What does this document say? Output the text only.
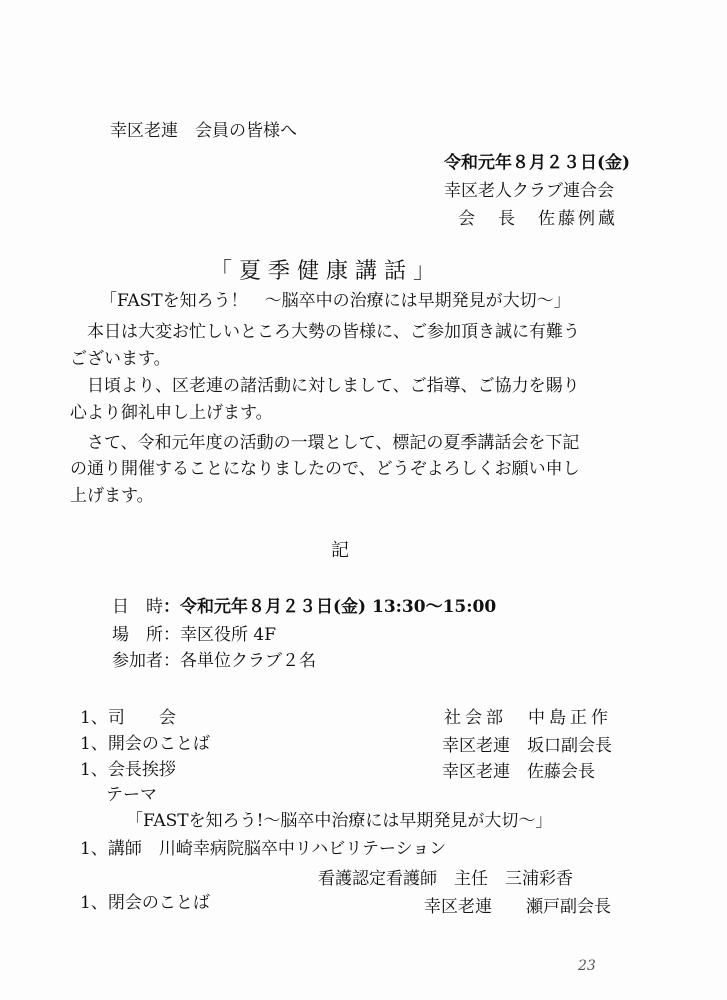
幸区老連　会員の皆様へ
令和元年８月２３日(金)
幸区老人クラブ連合会
会　長　佐藤例蔵
「夏季健康講話」
「FASTを知ろう！　～脳卒中の治療には早期発見が大切～」
　本日は大変お忙しいところ大勢の皆様に、ご参加頂き誠に有難う
ございます。
　日頃より、区老連の諸活動に対しまして、ご指導、ご協力を賜り
心より御礼申し上げます。
　さて、令和元年度の活動の一環として、標記の夏季講話会を下記
の通り開催することになりましたので、どうぞよろしくお願い申し
上げます。
記
日　時：令和元年８月２３日(金) 13:30～15:00
場　所：幸区役所 4F
参加者：各単位クラブ２名
1、司　　会	社会部　中島正作
1、開会のことば	幸区老連　坂口副会長
1、会長挨拶	幸区老連　佐藤会長
テーマ
「FASTを知ろう!～脳卒中治療には早期発見が大切～」
1、講師　川崎幸病院脳卒中リハビリテーション
看護認定看護師　主任　三浦彩香
1、閉会のことば	幸区老連　　瀬戸副会長
23
